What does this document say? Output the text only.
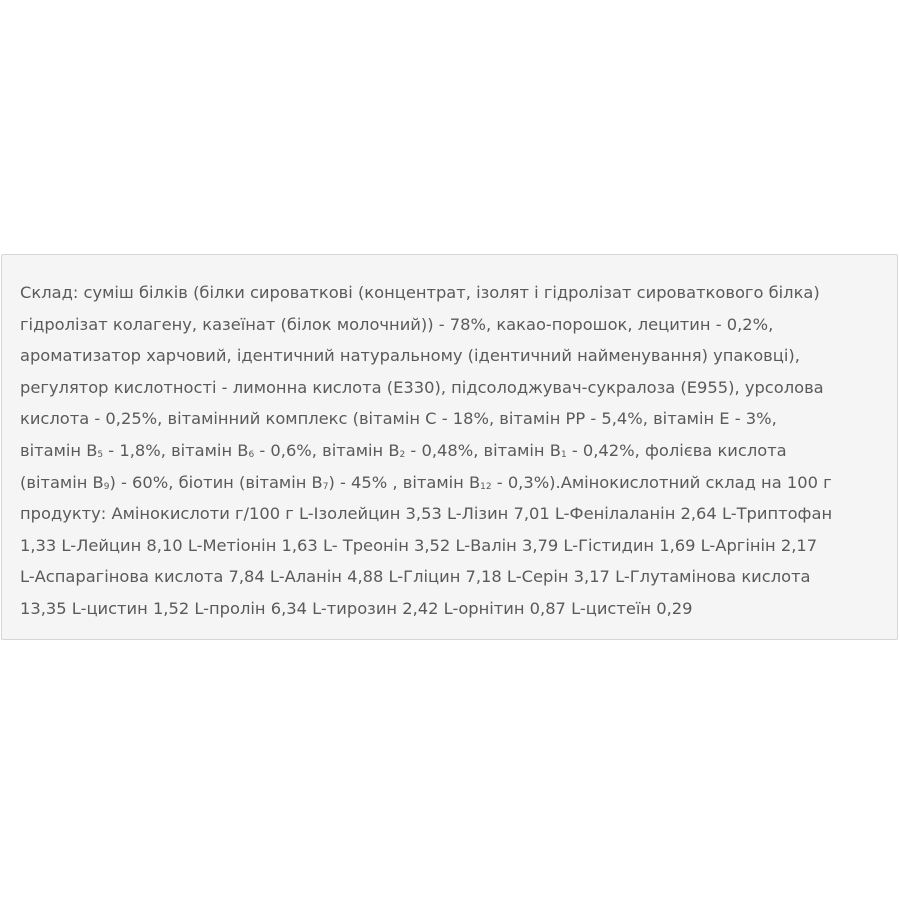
Склад: суміш білків (білки сироваткові (концентрат, ізолят і гідролізат сироваткового білка)
гідролізат колагену, казеїнат (білок молочний)) - 78%, какао-порошок, лецитин - 0,2%,
ароматизатор харчовий, ідентичний натуральному (ідентичний найменування) упаковці),
регулятор кислотності - лимонна кислота (E330), підсолоджувач-сукралоза (E955), урсолова
кислота - 0,25%, вітамінний комплекс (вітамін С - 18%, вітамін РР - 5,4%, вітамін Е - 3%,
вітамін $В_5 - 1,8\%$, вітамін $В_6 - 0,6\%$, вітамін $В_2 - 0,48\%$, вітамін $В_1 - 0,42\%$, фолієва кислота
(вітамін $В_9) - 60\%$, біотин (вітамін $В_7) - 45\%$ , вітамін $В_{12}$ - 0,3%).Амінокислотний склад на 100 г
продукту: Амінокислоти г/100 г L-Ізолейцин 3,53 L-Лізин 7,01 L-Фенілаланін 2,64 L-Триптофан
1,33 L-Лейцин 8,10 L-Метіонін 1,63 L- Треонін 3,52 L-Валін 3,79 L-Гістидин 1,69 L-Аргінін 2,17
L-Аспарагінова кислота 7,84 L-Аланін 4,88 L-Гліцин 7,18 L-Серін 3,17 L-Глутамінова кислота
13,35 L-цистин 1,52 L-пролін 6,34 L-тирозин 2,42 L-орнітин 0,87 L-цистеїн 0,29
